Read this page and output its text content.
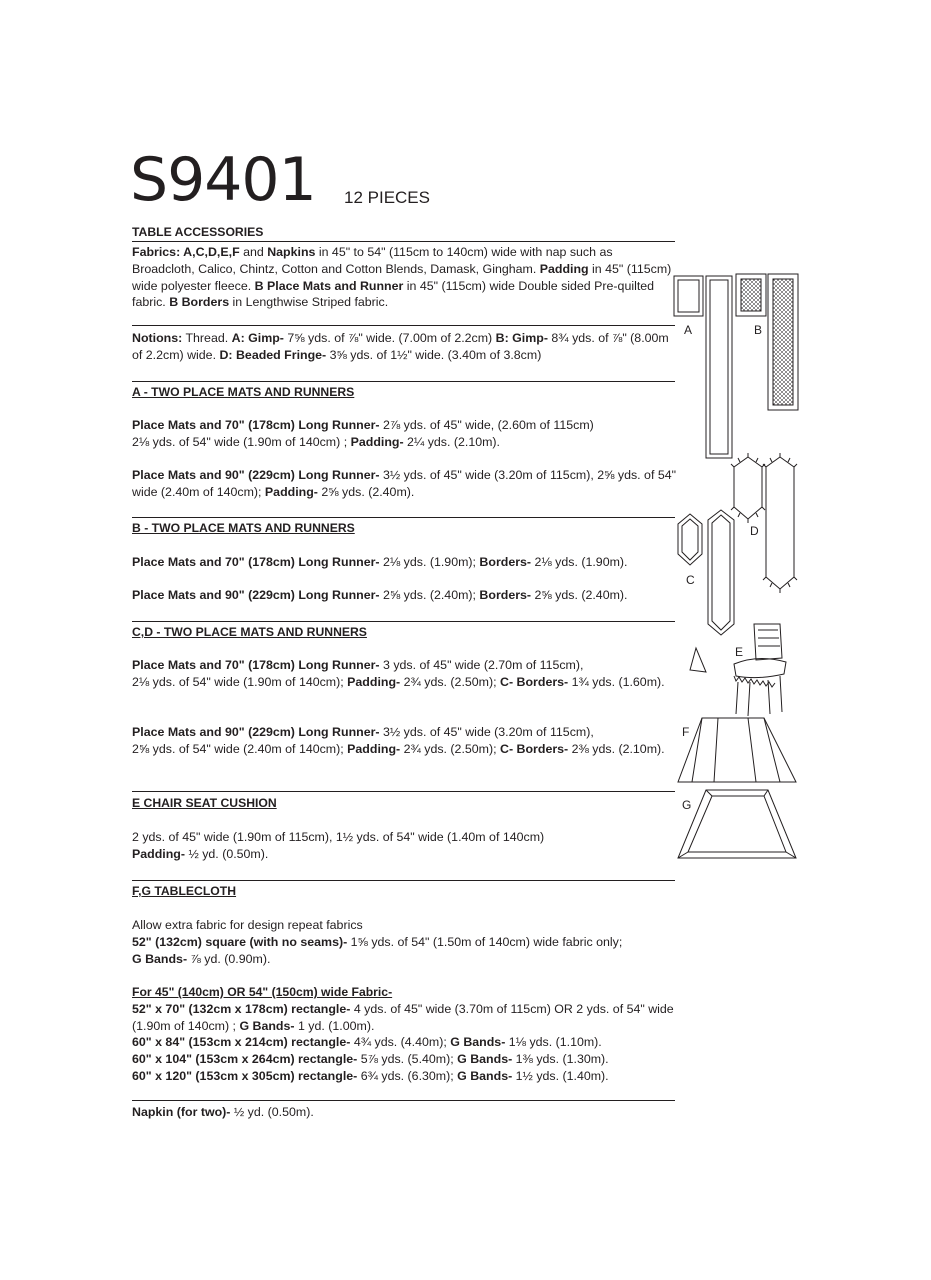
S9401 12 PIECES
TABLE ACCESSORIES

Fabrics: A,C,D,E,F and Napkins in 45" to 54" (115cm to 140cm) wide with nap such as Broadcloth, Calico, Chintz, Cotton and Cotton Blends, Damask, Gingham. Padding in 45" (115cm) wide polyester fleece. B Place Mats and Runner in 45" (115cm) wide Double sided Pre-quilted fabric. B Borders in Lengthwise Striped fabric.

Notions: Thread. A: Gimp- 7⅝ yds. of ⅞" wide. (7.00m of 2.2cm) B: Gimp- 8¾ yds. of ⅞" (8.00m of 2.2cm) wide. D: Beaded Fringe- 3⅝ yds. of 1½" wide. (3.40m of 3.8cm)

A - TWO PLACE MATS AND RUNNERS

Place Mats and 70" (178cm) Long Runner- 2⅞ yds. of 45" wide, (2.60m of 115cm)

2⅛ yds. of 54" wide (1.90m of 140cm) ; Padding- 2¼ yds. (2.10m).

Place Mats and 90" (229cm) Long Runner- 3½ yds. of 45" wide (3.20m of 115cm), 2⅝ yds. of 54" wide (2.40m of 140cm); Padding- 2⅝ yds. (2.40m).

B - TWO PLACE MATS AND RUNNERS

Place Mats and 70" (178cm) Long Runner- 2⅛ yds. (1.90m); Borders- 2⅛ yds. (1.90m).

Place Mats and 90" (229cm) Long Runner- 2⅝ yds. (2.40m); Borders- 2⅝ yds. (2.40m).

C,D - TWO PLACE MATS AND RUNNERS

Place Mats and 70" (178cm) Long Runner- 3 yds. of 45" wide (2.70m of 115cm),

2⅛ yds. of 54" wide (1.90m of 140cm); Padding- 2¾ yds. (2.50m); C- Borders- 1¾ yds. (1.60m).

Place Mats and 90" (229cm) Long Runner- 3½ yds. of 45" wide (3.20m of 115cm),

2⅝ yds. of 54" wide (2.40m of 140cm); Padding- 2¾ yds. (2.50m); C- Borders- 2⅜ yds. (2.10m).

E CHAIR SEAT CUSHION

2 yds. of 45" wide (1.90m of 115cm), 1½ yds. of 54" wide (1.40m of 140cm)

Padding- ½ yd. (0.50m).

F,G TABLECLOTH

Allow extra fabric for design repeat fabrics

52" (132cm) square (with no seams)- 1⅝ yds. of 54" (1.50m of 140cm) wide fabric only;

G Bands- ⅞ yd. (0.90m).

For 45" (140cm) OR 54" (150cm) wide Fabric-

52" x 70" (132cm x 178cm) rectangle- 4 yds. of 45" wide (3.70m of 115cm) OR 2 yds. of 54" wide (1.90m of 140cm) ; G Bands- 1 yd. (1.00m).

60" x 84" (153cm x 214cm) rectangle- 4¾ yds. (4.40m); G Bands- 1⅛ yds. (1.10m).

60" x 104" (153cm x 264cm) rectangle- 5⅞ yds. (5.40m); G Bands- 1⅜ yds. (1.30m).

60" x 120" (153cm x 305cm) rectangle- 6¾ yds. (6.30m); G Bands- 1½ yds. (1.40m).

Napkin (for two)- ½ yd. (0.50m).

A	B
D
C
E
F
G
